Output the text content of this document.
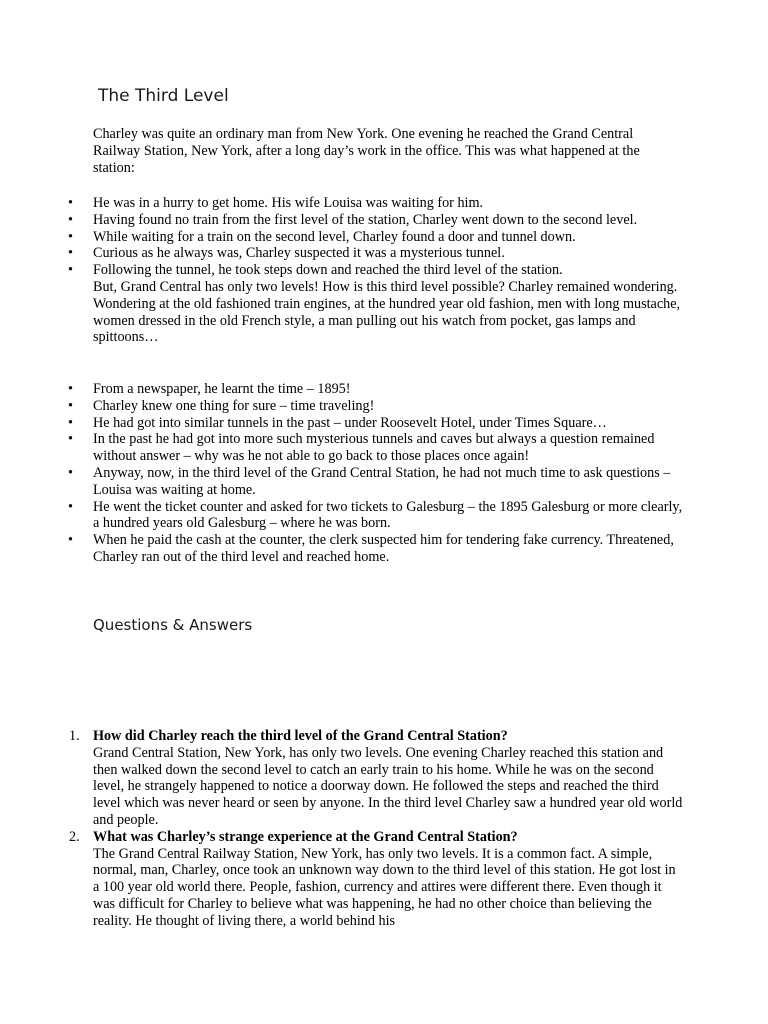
The Third Level

Charley was quite an ordinary man from New York. One evening he reached the Grand Central Railway Station, New York, after a long day’s work in the office. This was what happened at the station:

• He was in a hurry to get home. His wife Louisa was waiting for him.
• Having found no train from the first level of the station, Charley went down to the second level.
• While waiting for a train on the second level, Charley found a door and tunnel down.
• Curious as he always was, Charley suspected it was a mysterious tunnel.
• Following the tunnel, he took steps down and reached the third level of the station.
But, Grand Central has only two levels! How is this third level possible? Charley remained wondering. Wondering at the old fashioned train engines, at the hundred year old fashion, men with long mustache, women dressed in the old French style, a man pulling out his watch from pocket, gas lamps and spittoons…
• From a newspaper, he learnt the time – 1895!
• Charley knew one thing for sure – time traveling!
• He had got into similar tunnels in the past – under Roosevelt Hotel, under Times Square…
• In the past he had got into more such mysterious tunnels and caves but always a question remained without answer – why was he not able to go back to those places once again!
• Anyway, now, in the third level of the Grand Central Station, he had not much time to ask questions – Louisa was waiting at home.
• He went the ticket counter and asked for two tickets to Galesburg – the 1895 Galesburg or more clearly, a hundred years old Galesburg – where he was born.
• When he paid the cash at the counter, the clerk suspected him for tendering fake currency. Threatened, Charley ran out of the third level and reached home.
Questions & Answers
1. How did Charley reach the third level of the Grand Central Station?
Grand Central Station, New York, has only two levels. One evening Charley reached this station and then walked down the second level to catch an early train to his home. While he was on the second level, he strangely happened to notice a doorway down. He followed the steps and reached the third level which was never heard or seen by anyone. In the third level Charley saw a hundred year old world and people.
2. What was Charley’s strange experience at the Grand Central Station?
The Grand Central Railway Station, New York, has only two levels. It is a common fact. A simple, normal, man, Charley, once took an unknown way down to the third level of this station. He got lost in a 100 year old world there. People, fashion, currency and attires were different there. Even though it was difficult for Charley to believe what was happening, he had no other choice than believing the reality. He thought of living there, a world behind his
